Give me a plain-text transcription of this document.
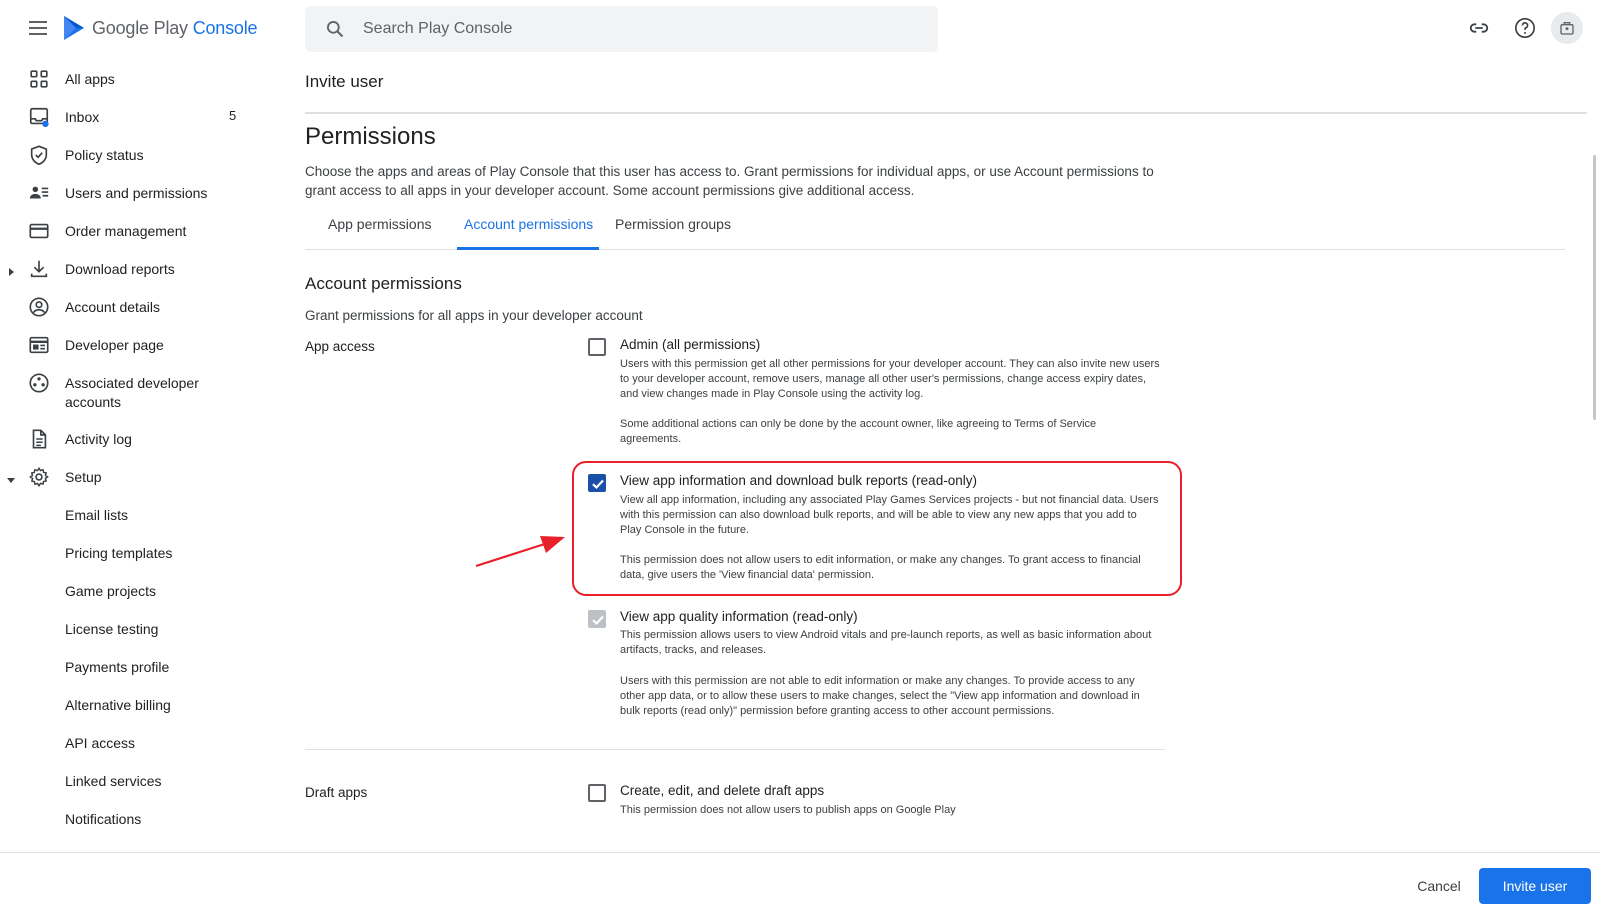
Google Play Console
Search Play Console
All apps
Inbox	5
Policy status
Users and permissions
Order management
Download reports
Account details
Developer page
Associated developer
accounts
Activity log
Setup
Email lists
Pricing templates
Game projects
License testing
Payments profile
Alternative billing
API access
Linked services
Notifications
Invite user
Permissions

Choose the apps and areas of Play Console that this user has access to. Grant permissions for individual apps, or use Account permissions to grant access to all apps in your developer account. Some account permissions give additional access.

App permissions	Account permissions	Permission groups
Account permissions
Grant permissions for all apps in your developer account
App access	Admin (all permissions)
Users with this permission get all other permissions for your developer account. They can also invite new users to your developer account, remove users, manage all other user's permissions, change access expiry dates, and view changes made in Play Console using the activity log.
Some additional actions can only be done by the account owner, like agreeing to Terms of Service agreements.
View app information and download bulk reports (read-only)
View all app information, including any associated Play Games Services projects - but not financial data. Users with this permission can also download bulk reports, and will be able to view any new apps that you add to Play Console in the future.
This permission does not allow users to edit information, or make any changes. To grant access to financial data, give users the 'View financial data' permission.
View app quality information (read-only)
This permission allows users to view Android vitals and pre-launch reports, as well as basic information about artifacts, tracks, and releases.
Users with this permission are not able to edit information or make any changes. To provide access to any other app data, or to allow these users to make changes, select the "View app information and download in bulk reports (read only)" permission before granting access to other account permissions.
Draft apps	Create, edit, and delete draft apps
This permission does not allow users to publish apps on Google Play
Cancel	Invite user
